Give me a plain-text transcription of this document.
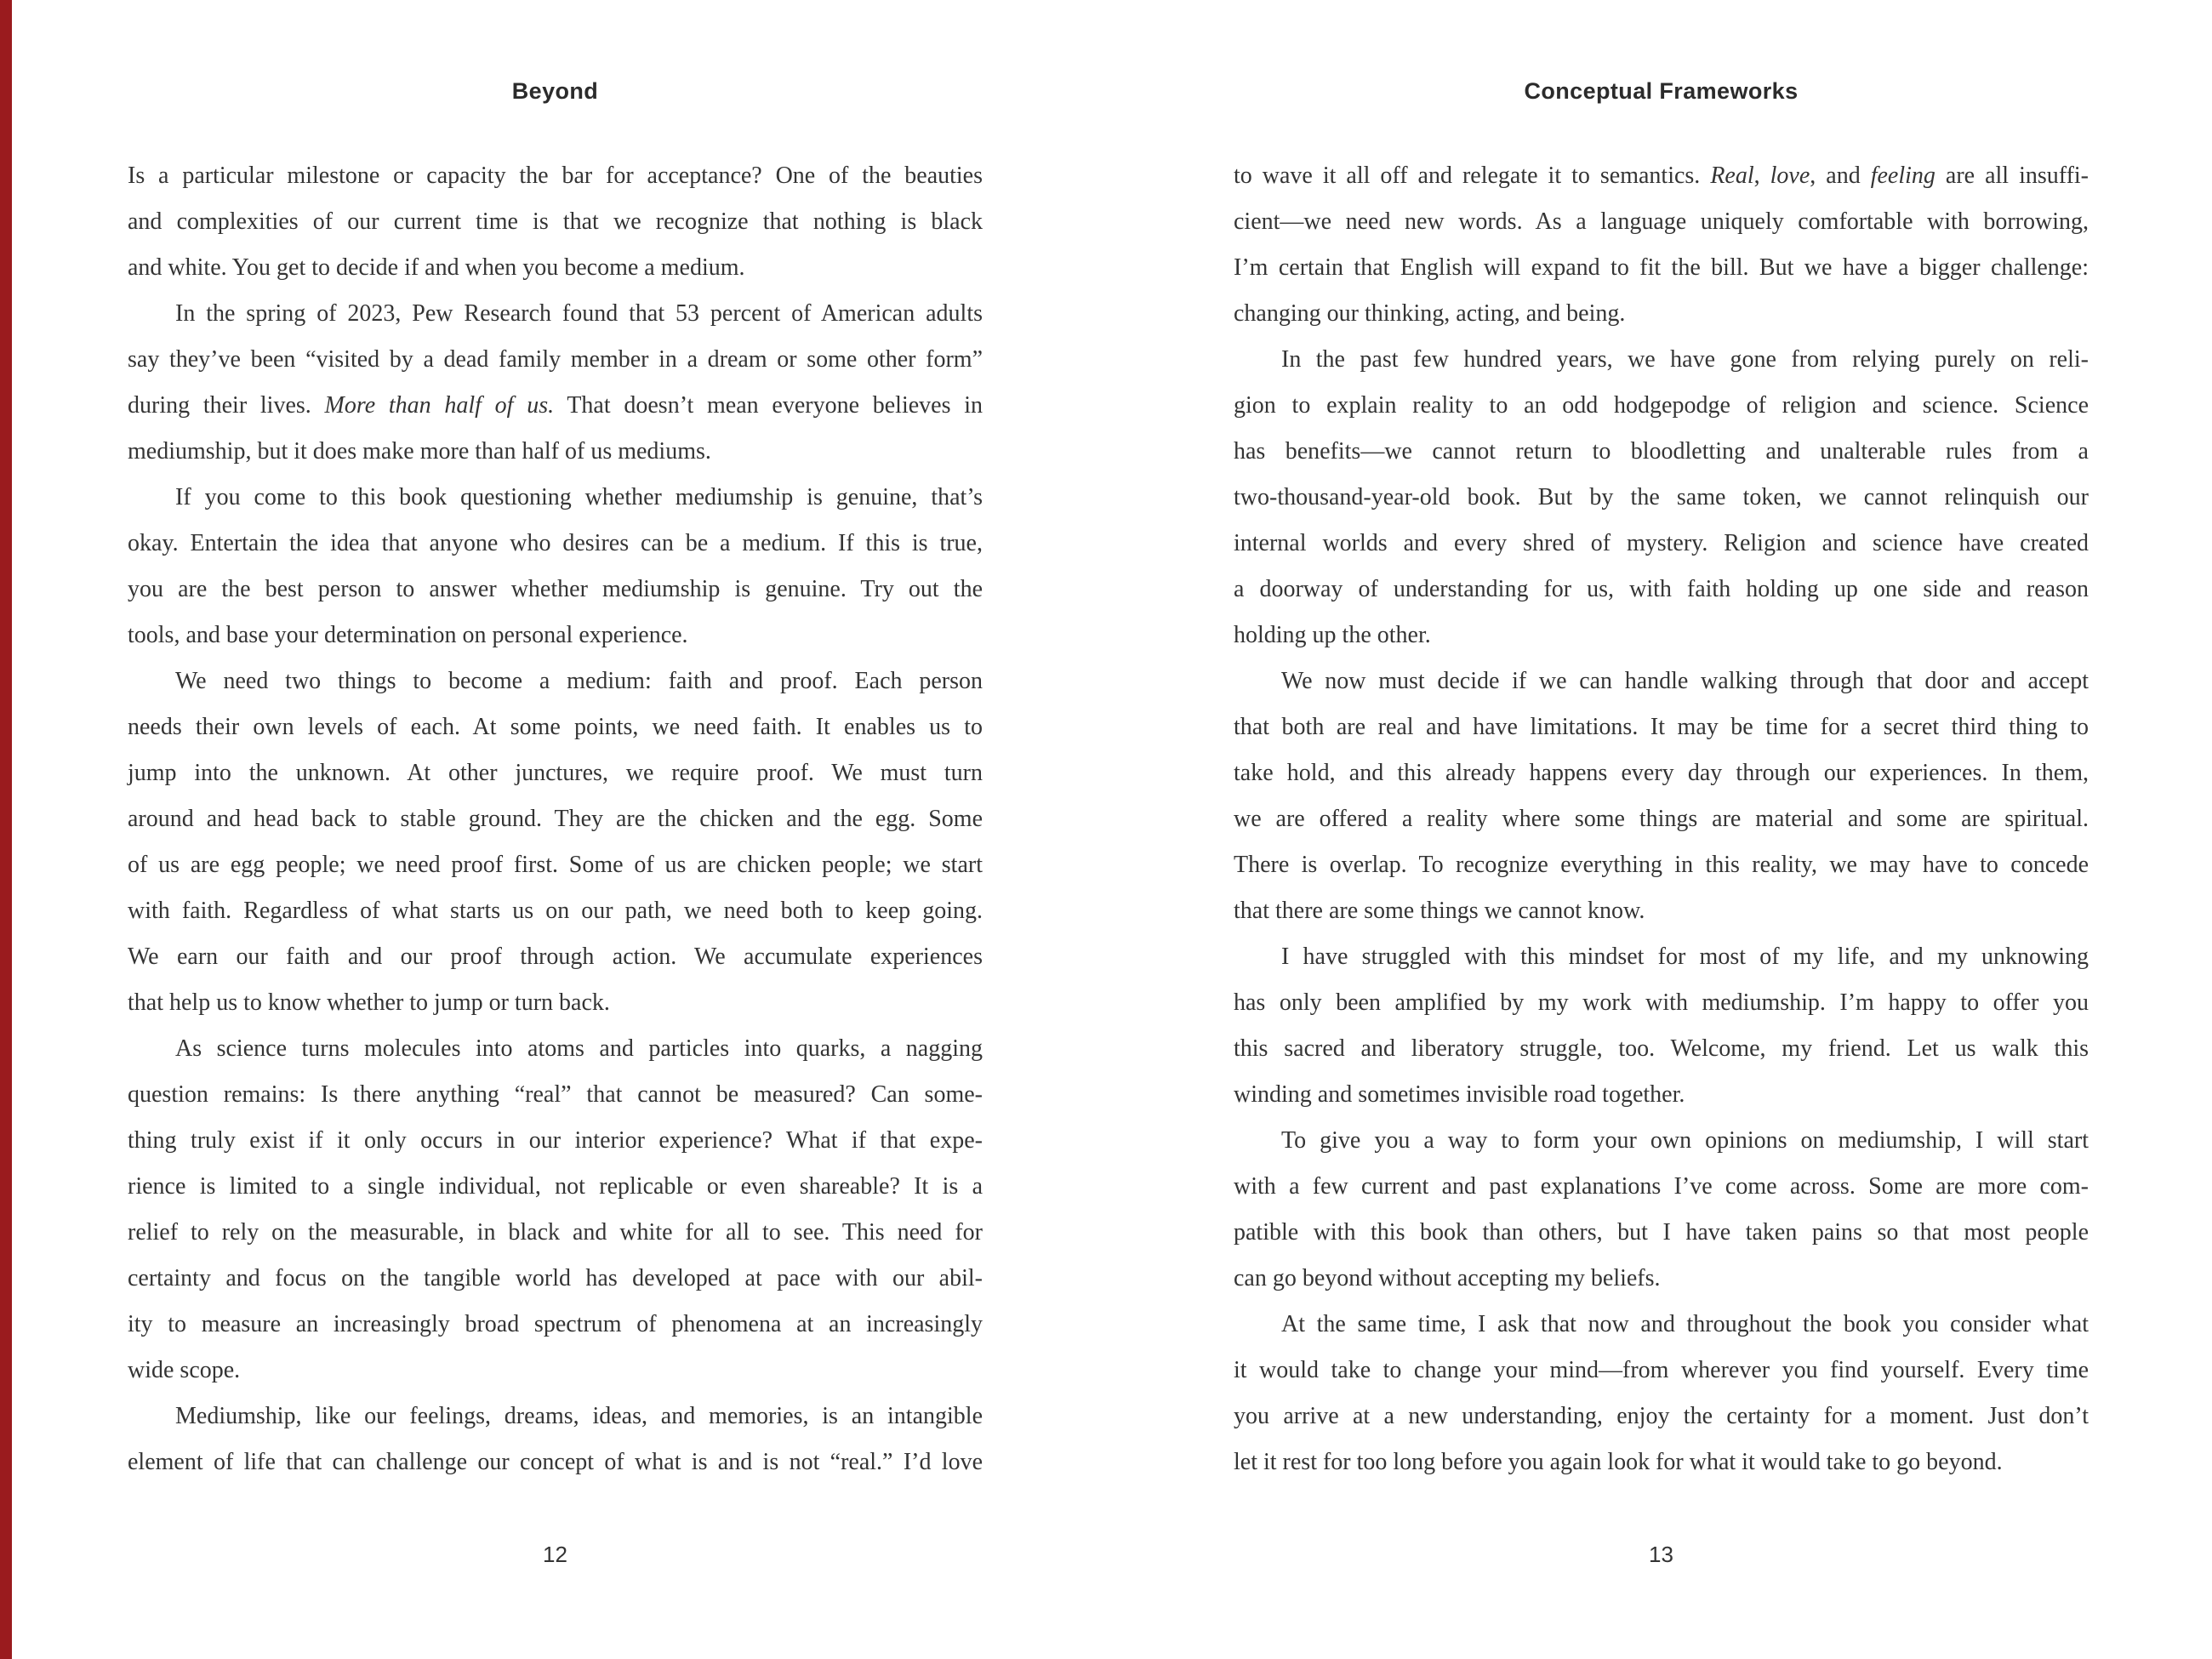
Beyond
Is a particular milestone or capacity the bar for acceptance? One of the beauties
and complexities of our current time is that we recognize that nothing is black
and white. You get to decide if and when you become a medium.
In the spring of 2023, Pew Research found that 53 percent of American adults
say they’ve been “visited by a dead family member in a dream or some other form”
during their lives. More than half of us. That doesn’t mean everyone believes in
mediumship, but it does make more than half of us mediums.
If you come to this book questioning whether mediumship is genuine, that’s
okay. Entertain the idea that anyone who desires can be a medium. If this is true,
you are the best person to answer whether mediumship is genuine. Try out the
tools, and base your determination on personal experience.
We need two things to become a medium: faith and proof. Each person
needs their own levels of each. At some points, we need faith. It enables us to
jump into the unknown. At other junctures, we require proof. We must turn
around and head back to stable ground. They are the chicken and the egg. Some
of us are egg people; we need proof first. Some of us are chicken people; we start
with faith. Regardless of what starts us on our path, we need both to keep going.
We earn our faith and our proof through action. We accumulate experiences
that help us to know whether to jump or turn back.
As science turns molecules into atoms and particles into quarks, a nagging
question remains: Is there anything “real” that cannot be measured? Can some-
thing truly exist if it only occurs in our interior experience? What if that expe-
rience is limited to a single individual, not replicable or even shareable? It is a
relief to rely on the measurable, in black and white for all to see. This need for
certainty and focus on the tangible world has developed at pace with our abil-
ity to measure an increasingly broad spectrum of phenomena at an increasingly
wide scope.
Mediumship, like our feelings, dreams, ideas, and memories, is an intangible
element of life that can challenge our concept of what is and is not “real.” I’d love
12
Conceptual Frameworks
to wave it all off and relegate it to semantics. Real, love, and feeling are all insuffi-
cient—we need new words. As a language uniquely comfortable with borrowing,
I’m certain that English will expand to fit the bill. But we have a bigger challenge:
changing our thinking, acting, and being.
In the past few hundred years, we have gone from relying purely on reli-
gion to explain reality to an odd hodgepodge of religion and science. Science
has benefits—we cannot return to bloodletting and unalterable rules from a
two-thousand-year-old book. But by the same token, we cannot relinquish our
internal worlds and every shred of mystery. Religion and science have created
a doorway of understanding for us, with faith holding up one side and reason
holding up the other.
We now must decide if we can handle walking through that door and accept
that both are real and have limitations. It may be time for a secret third thing to
take hold, and this already happens every day through our experiences. In them,
we are offered a reality where some things are material and some are spiritual.
There is overlap. To recognize everything in this reality, we may have to concede
that there are some things we cannot know.
I have struggled with this mindset for most of my life, and my unknowing
has only been amplified by my work with mediumship. I’m happy to offer you
this sacred and liberatory struggle, too. Welcome, my friend. Let us walk this
winding and sometimes invisible road together.
To give you a way to form your own opinions on mediumship, I will start
with a few current and past explanations I’ve come across. Some are more com-
patible with this book than others, but I have taken pains so that most people
can go beyond without accepting my beliefs.
At the same time, I ask that now and throughout the book you consider what
it would take to change your mind—from wherever you find yourself. Every time
you arrive at a new understanding, enjoy the certainty for a moment. Just don’t
let it rest for too long before you again look for what it would take to go beyond.
13
